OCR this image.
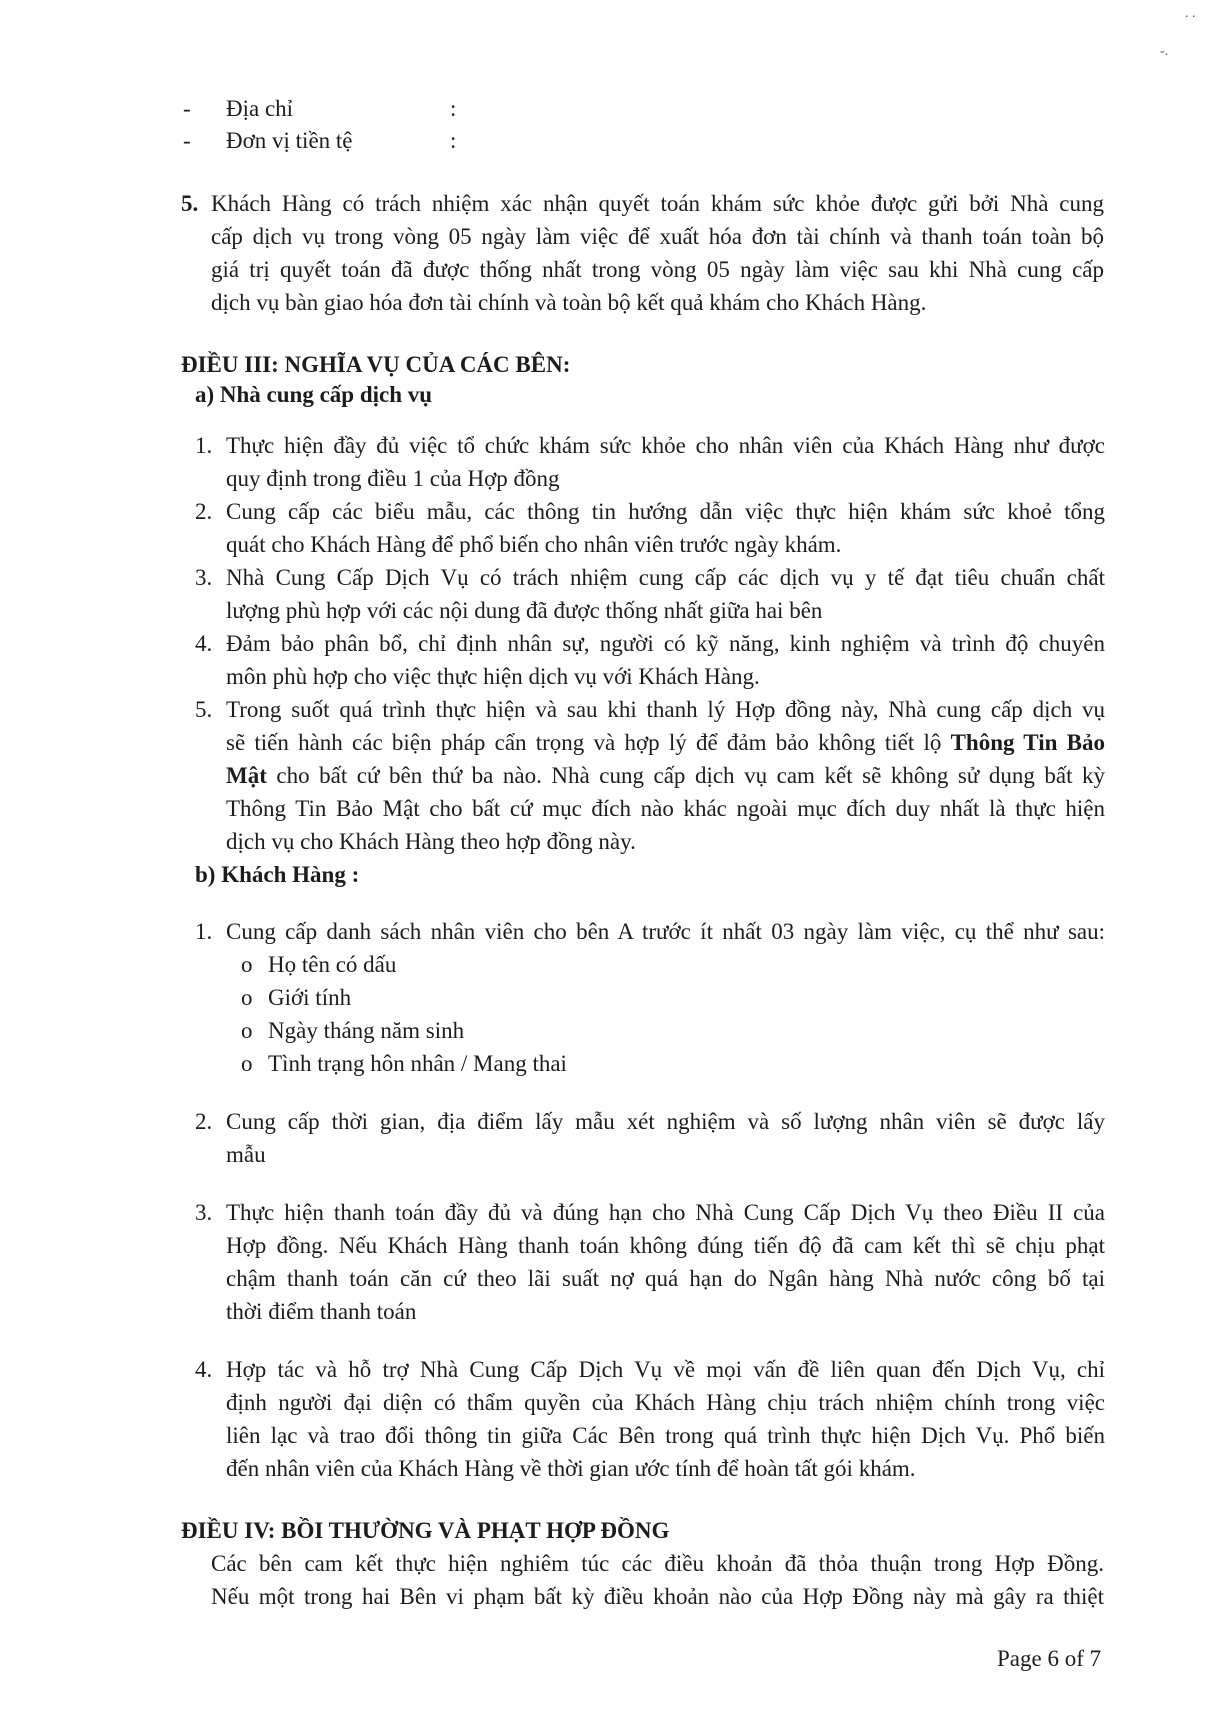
. .
-.
- Địa chỉ	:
- Đơn vị tiền tệ	:
5. Khách Hàng có trách nhiệm xác nhận quyết toán khám sức khỏe được gửi bởi Nhà cung
cấp dịch vụ trong vòng 05 ngày làm việc để xuất hóa đơn tài chính và thanh toán toàn bộ
giá trị quyết toán đã được thống nhất trong vòng 05 ngày làm việc sau khi Nhà cung cấp
dịch vụ bàn giao hóa đơn tài chính và toàn bộ kết quả khám cho Khách Hàng.
ĐIỀU III: NGHĨA VỤ CỦA CÁC BÊN:
a) Nhà cung cấp dịch vụ
1. Thực hiện đầy đủ việc tổ chức khám sức khỏe cho nhân viên của Khách Hàng như được
quy định trong điều 1 của Hợp đồng
2. Cung cấp các biểu mẫu, các thông tin hướng dẫn việc thực hiện khám sức khoẻ tổng
quát cho Khách Hàng để phổ biến cho nhân viên trước ngày khám.
3. Nhà Cung Cấp Dịch Vụ có trách nhiệm cung cấp các dịch vụ y tế đạt tiêu chuẩn chất
lượng phù hợp với các nội dung đã được thống nhất giữa hai bên
4. Đảm bảo phân bổ, chỉ định nhân sự, người có kỹ năng, kinh nghiệm và trình độ chuyên
môn phù hợp cho việc thực hiện dịch vụ với Khách Hàng.
5. Trong suốt quá trình thực hiện và sau khi thanh lý Hợp đồng này, Nhà cung cấp dịch vụ
sẽ tiến hành các biện pháp cẩn trọng và hợp lý để đảm bảo không tiết lộ Thông Tin Bảo
Mật cho bất cứ bên thứ ba nào. Nhà cung cấp dịch vụ cam kết sẽ không sử dụng bất kỳ
Thông Tin Bảo Mật cho bất cứ mục đích nào khác ngoài mục đích duy nhất là thực hiện
dịch vụ cho Khách Hàng theo hợp đồng này.
b) Khách Hàng :
1. Cung cấp danh sách nhân viên cho bên A trước ít nhất 03 ngày làm việc, cụ thể như sau:
o Họ tên có dấu
o Giới tính
o Ngày tháng năm sinh
o Tình trạng hôn nhân / Mang thai
2. Cung cấp thời gian, địa điểm lấy mẫu xét nghiệm và số lượng nhân viên sẽ được lấy
mẫu
3. Thực hiện thanh toán đầy đủ và đúng hạn cho Nhà Cung Cấp Dịch Vụ theo Điều II của
Hợp đồng. Nếu Khách Hàng thanh toán không đúng tiến độ đã cam kết thì sẽ chịu phạt
chậm thanh toán căn cứ theo lãi suất nợ quá hạn do Ngân hàng Nhà nước công bố tại
thời điểm thanh toán
4. Hợp tác và hỗ trợ Nhà Cung Cấp Dịch Vụ về mọi vấn đề liên quan đến Dịch Vụ, chỉ
định người đại diện có thẩm quyền của Khách Hàng chịu trách nhiệm chính trong việc
liên lạc và trao đổi thông tin giữa Các Bên trong quá trình thực hiện Dịch Vụ. Phổ biến
đến nhân viên của Khách Hàng về thời gian ước tính để hoàn tất gói khám.
ĐIỀU IV: BỒI THƯỜNG VÀ PHẠT HỢP ĐỒNG
Các bên cam kết thực hiện nghiêm túc các điều khoản đã thỏa thuận trong Hợp Đồng.
Nếu một trong hai Bên vi phạm bất kỳ điều khoản nào của Hợp Đồng này mà gây ra thiệt
Page 6 of 7
